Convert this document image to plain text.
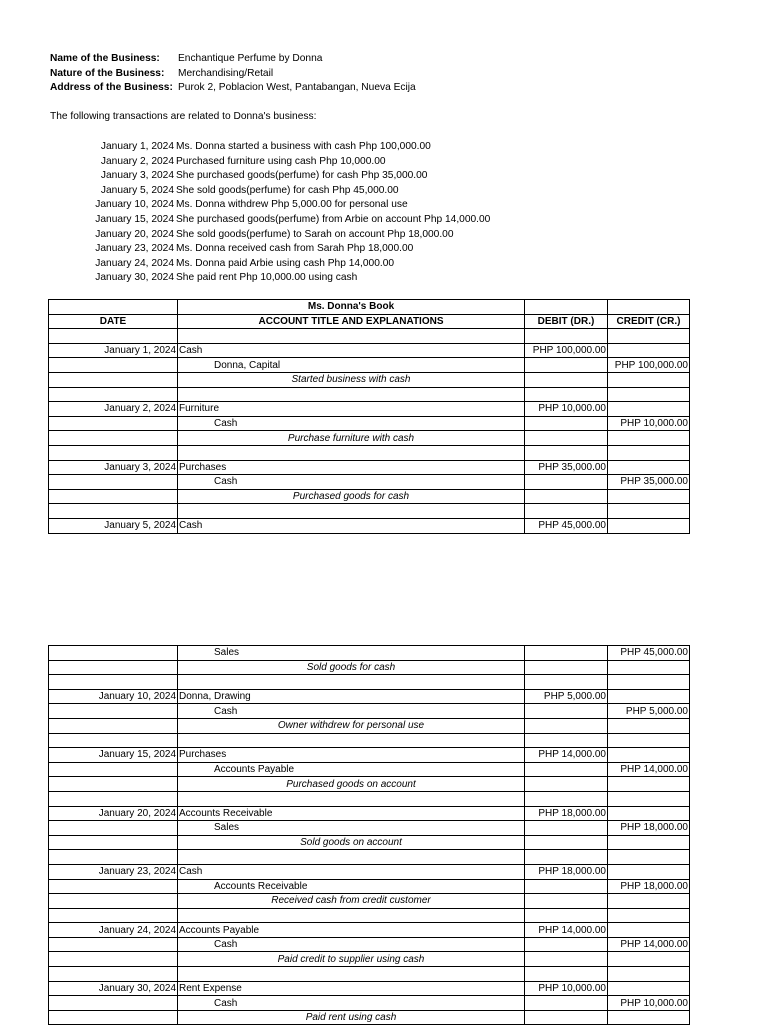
Name of the Business:	Enchantique Perfume by Donna
Nature of the Business:	Merchandising/Retail
Address of the Business: Purok 2, Poblacion West, Pantabangan, Nueva Ecija
The following transactions are related to Donna's business:
January 1, 2024 Ms. Donna started a business with cash Php 100,000.00
January 2, 2024 Purchased furniture using cash Php 10,000.00
January 3, 2024 She purchased goods(perfume) for cash Php 35,000.00
January 5, 2024 She sold goods(perfume) for cash Php 45,000.00
January 10, 2024 Ms. Donna withdrew Php 5,000.00 for personal use
January 15, 2024 She purchased goods(perfume) from Arbie on account Php 14,000.00
January 20, 2024 She sold goods(perfume) to Sarah on account Php 18,000.00
January 23, 2024 Ms. Donna received cash from Sarah Php 18,000.00
January 24, 2024 Ms. Donna paid Arbie using cash Php 14,000.00
January 30, 2024 She paid rent Php 10,000.00 using cash
	Ms. Donna's Book		
DATE	ACCOUNT TITLE AND EXPLANATIONS	DEBIT (DR.)	CREDIT (CR.)

January 1, 2024	Cash	PHP 100,000.00	
	Donna, Capital		PHP 100,000.00

	Started business with cash		

January 2, 2024	Furniture	PHP 10,000.00	
	Cash		PHP 10,000.00

	Purchase furniture with cash		

January 3, 2024	Purchases	PHP 35,000.00	
	Cash		PHP 35,000.00

	Purchased goods for cash		

January 5, 2024	Cash	PHP 45,000.00	
	Sales		PHP 45,000.00

	Sold goods for cash		

January 10, 2024	Donna, Drawing	PHP 5,000.00	
	Cash		PHP 5,000.00

	Owner withdrew for personal use		

January 15, 2024	Purchases	PHP 14,000.00	
	Accounts Payable		PHP 14,000.00

	Purchased goods on account		

January 20, 2024	Accounts Receivable	PHP 18,000.00	
	Sales		PHP 18,000.00

	Sold goods on account		

January 23, 2024	Cash	PHP 18,000.00	
	Accounts Receivable		PHP 18,000.00

	Received cash from credit customer		

January 24, 2024	Accounts Payable	PHP 14,000.00	
	Cash		PHP 14,000.00

	Paid credit to supplier using cash		

January 30, 2024	Rent Expense	PHP 10,000.00	
	Cash		PHP 10,000.00

	Paid rent using cash		
